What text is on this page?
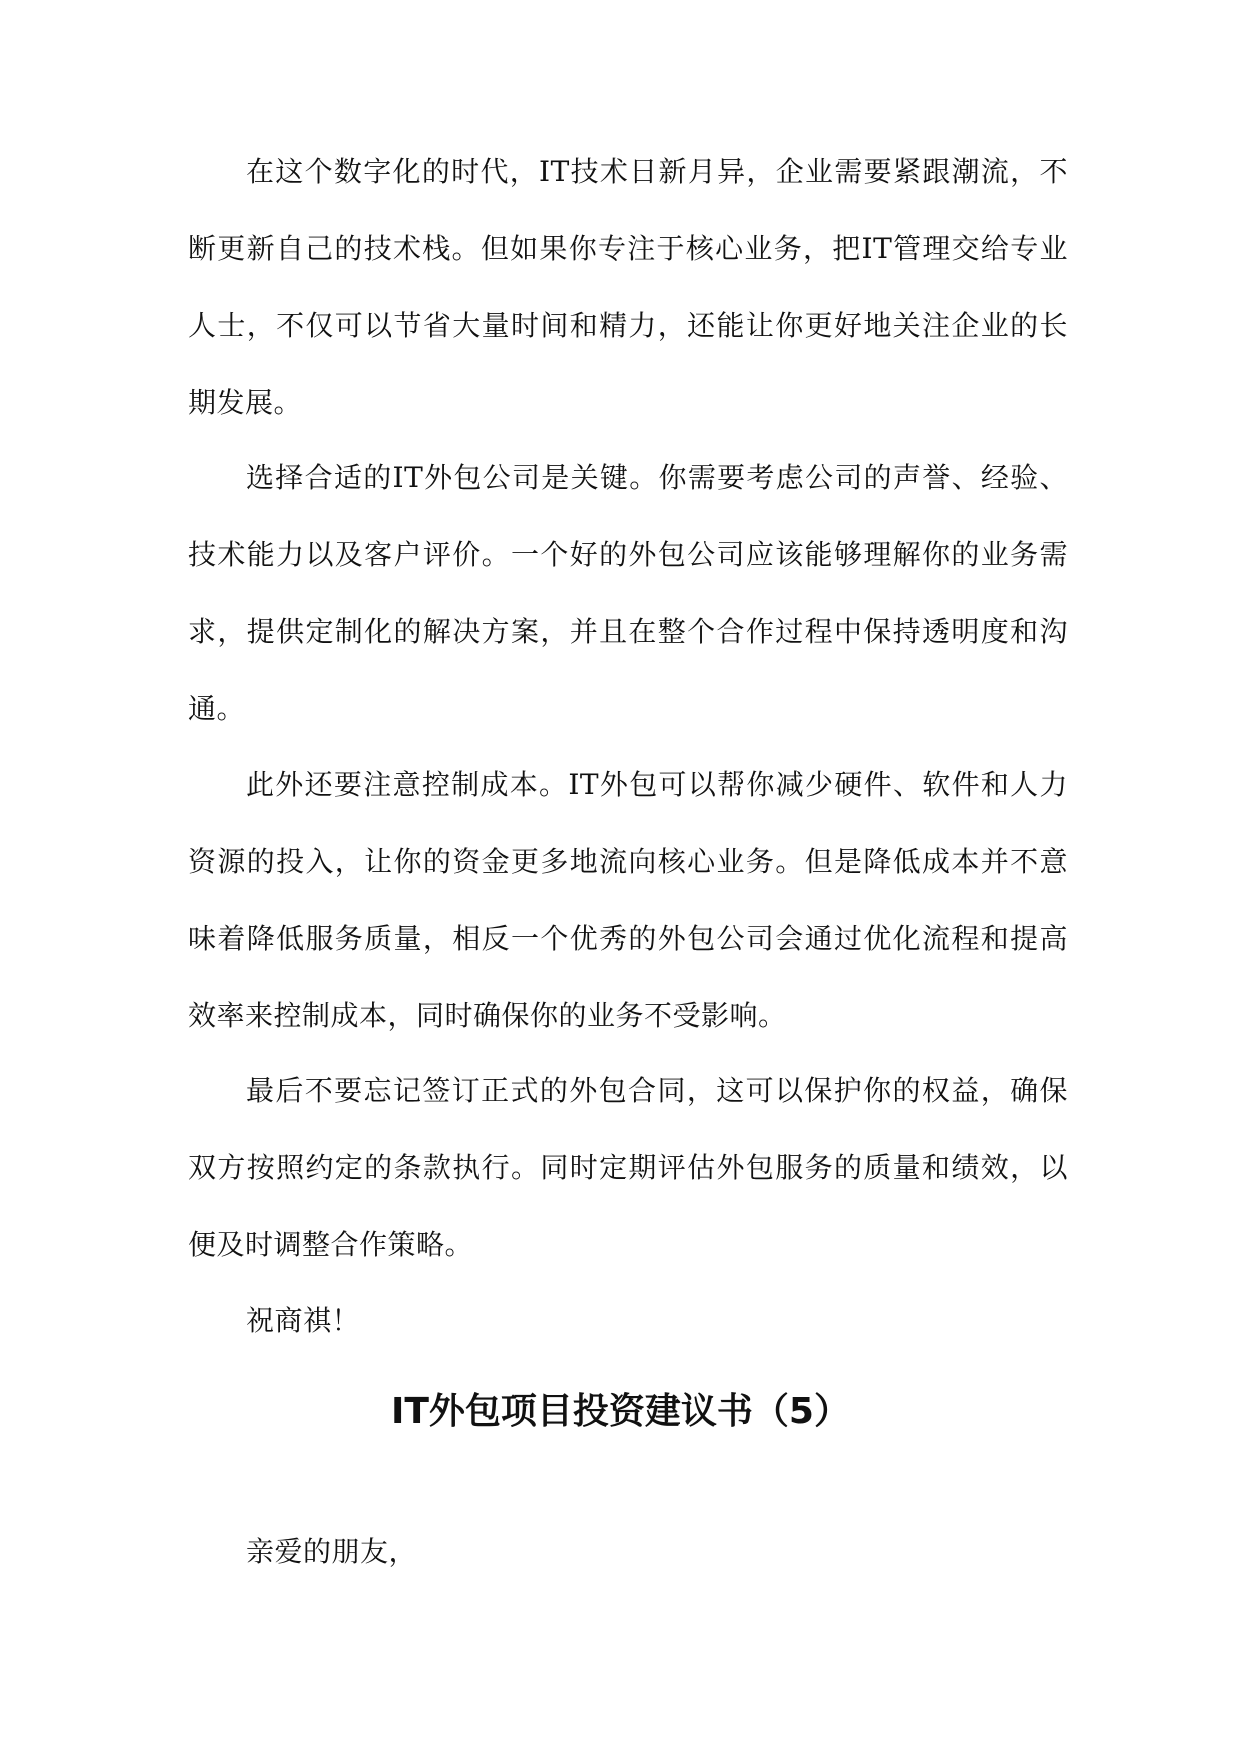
在这个数字化的时代，IT技术日新月异，企业需要紧跟潮流，不断更新自己的技术栈。但如果你专注于核心业务，把IT管理交给专业人士，不仅可以节省大量时间和精力，还能让你更好地关注企业的长期发展。

选择合适的IT外包公司是关键。你需要考虑公司的声誉、经验、技术能力以及客户评价。一个好的外包公司应该能够理解你的业务需求，提供定制化的解决方案，并且在整个合作过程中保持透明度和沟通。

此外还要注意控制成本。IT外包可以帮你减少硬件、软件和人力资源的投入，让你的资金更多地流向核心业务。但是降低成本并不意味着降低服务质量，相反一个优秀的外包公司会通过优化流程和提高效率来控制成本，同时确保你的业务不受影响。

最后不要忘记签订正式的外包合同，这可以保护你的权益，确保双方按照约定的条款执行。同时定期评估外包服务的质量和绩效，以便及时调整合作策略。

祝商祺！

IT外包项目投资建议书（5）

亲爱的朋友，
